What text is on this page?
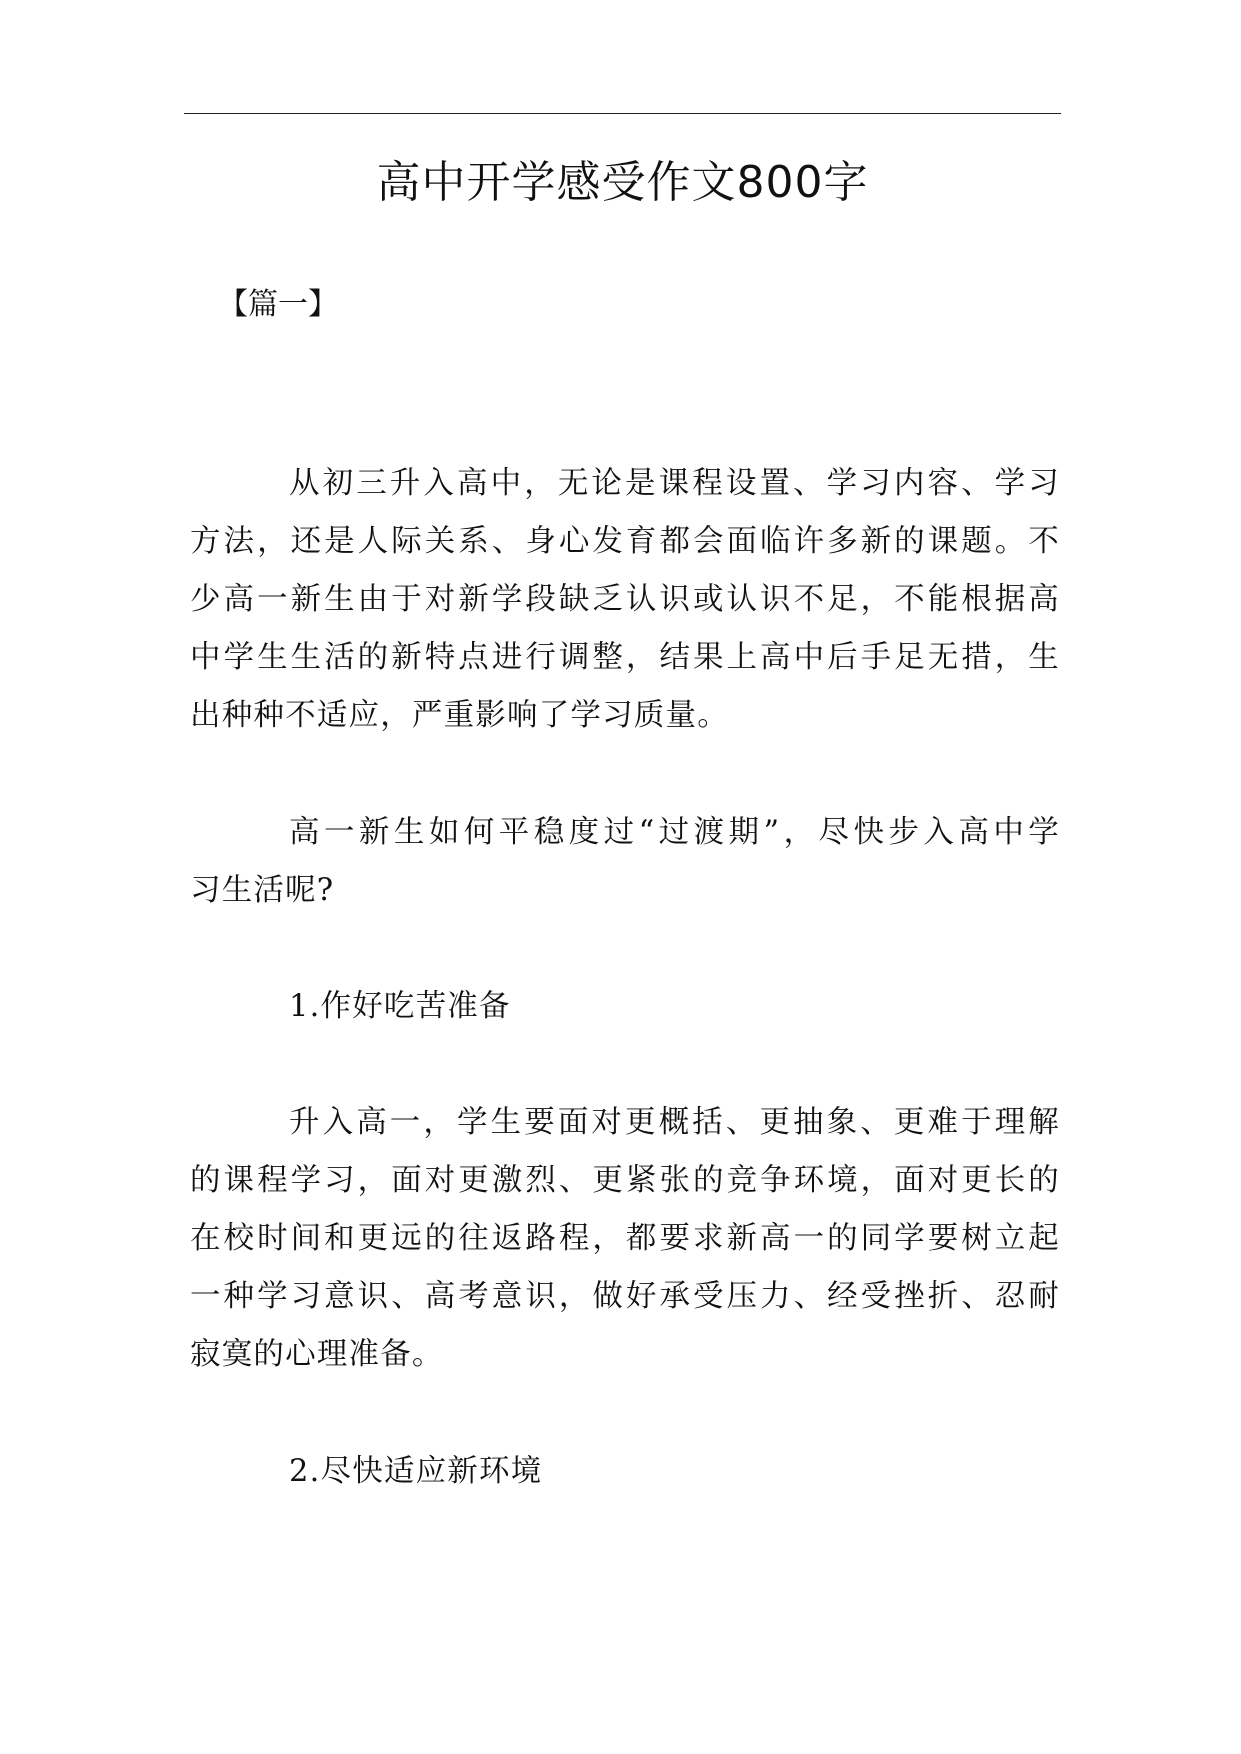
高中开学感受作文800字

【篇一】

从初三升入高中，无论是课程设置、学习内容、学习
方法，还是人际关系、身心发育都会面临许多新的课题。不
少高一新生由于对新学段缺乏认识或认识不足，不能根据高
中学生生活的新特点进行调整，结果上高中后手足无措，生
出种种不适应，严重影响了学习质量。
高一新生如何平稳度过“过渡期”，尽快步入高中学
习生活呢?
1.作好吃苦准备
升入高一，学生要面对更概括、更抽象、更难于理解
的课程学习，面对更激烈、更紧张的竞争环境，面对更长的
在校时间和更远的往返路程，都要求新高一的同学要树立起
一种学习意识、高考意识，做好承受压力、经受挫折、忍耐
寂寞的心理准备。
2.尽快适应新环境
